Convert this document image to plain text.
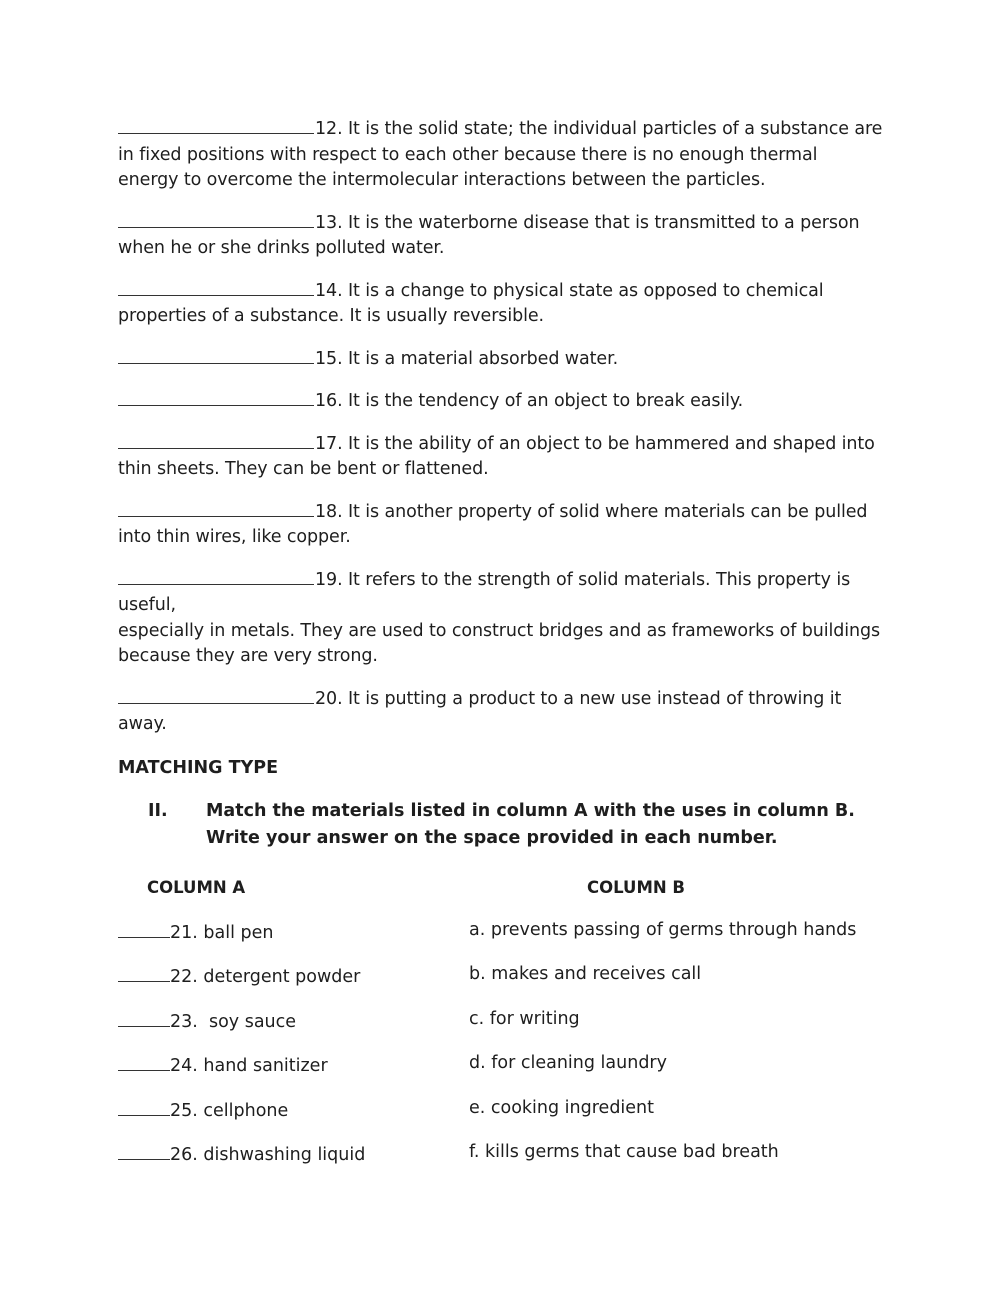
12. It is the solid state; the individual particles of a substance are
in fixed positions with respect to each other because there is no enough thermal
energy to overcome the intermolecular interactions between the particles.
13. It is the waterborne disease that is transmitted to a person
when he or she drinks polluted water.
14. It is a change to physical state as opposed to chemical
properties of a substance. It is usually reversible.
15. It is a material absorbed water.
16. It is the tendency of an object to break easily.
17. It is the ability of an object to be hammered and shaped into
thin sheets. They can be bent or flattened.
18. It is another property of solid where materials can be pulled
into thin wires, like copper.
19. It refers to the strength of solid materials. This property is useful,
especially in metals. They are used to construct bridges and as frameworks of buildings
because they are very strong.
20. It is putting a product to a new use instead of throwing it
away.
MATCHING TYPE
II.	Match the materials listed in column A with the uses in column B. Write your answer on the space provided in each number.
COLUMN A	COLUMN B
21. ball pen	a. prevents passing of germs through hands
22. detergent powder	b. makes and receives call
23.  soy sauce	c. for writing
24. hand sanitizer	d. for cleaning laundry
25. cellphone	e. cooking ingredient
26. dishwashing liquid	f. kills germs that cause bad breath
